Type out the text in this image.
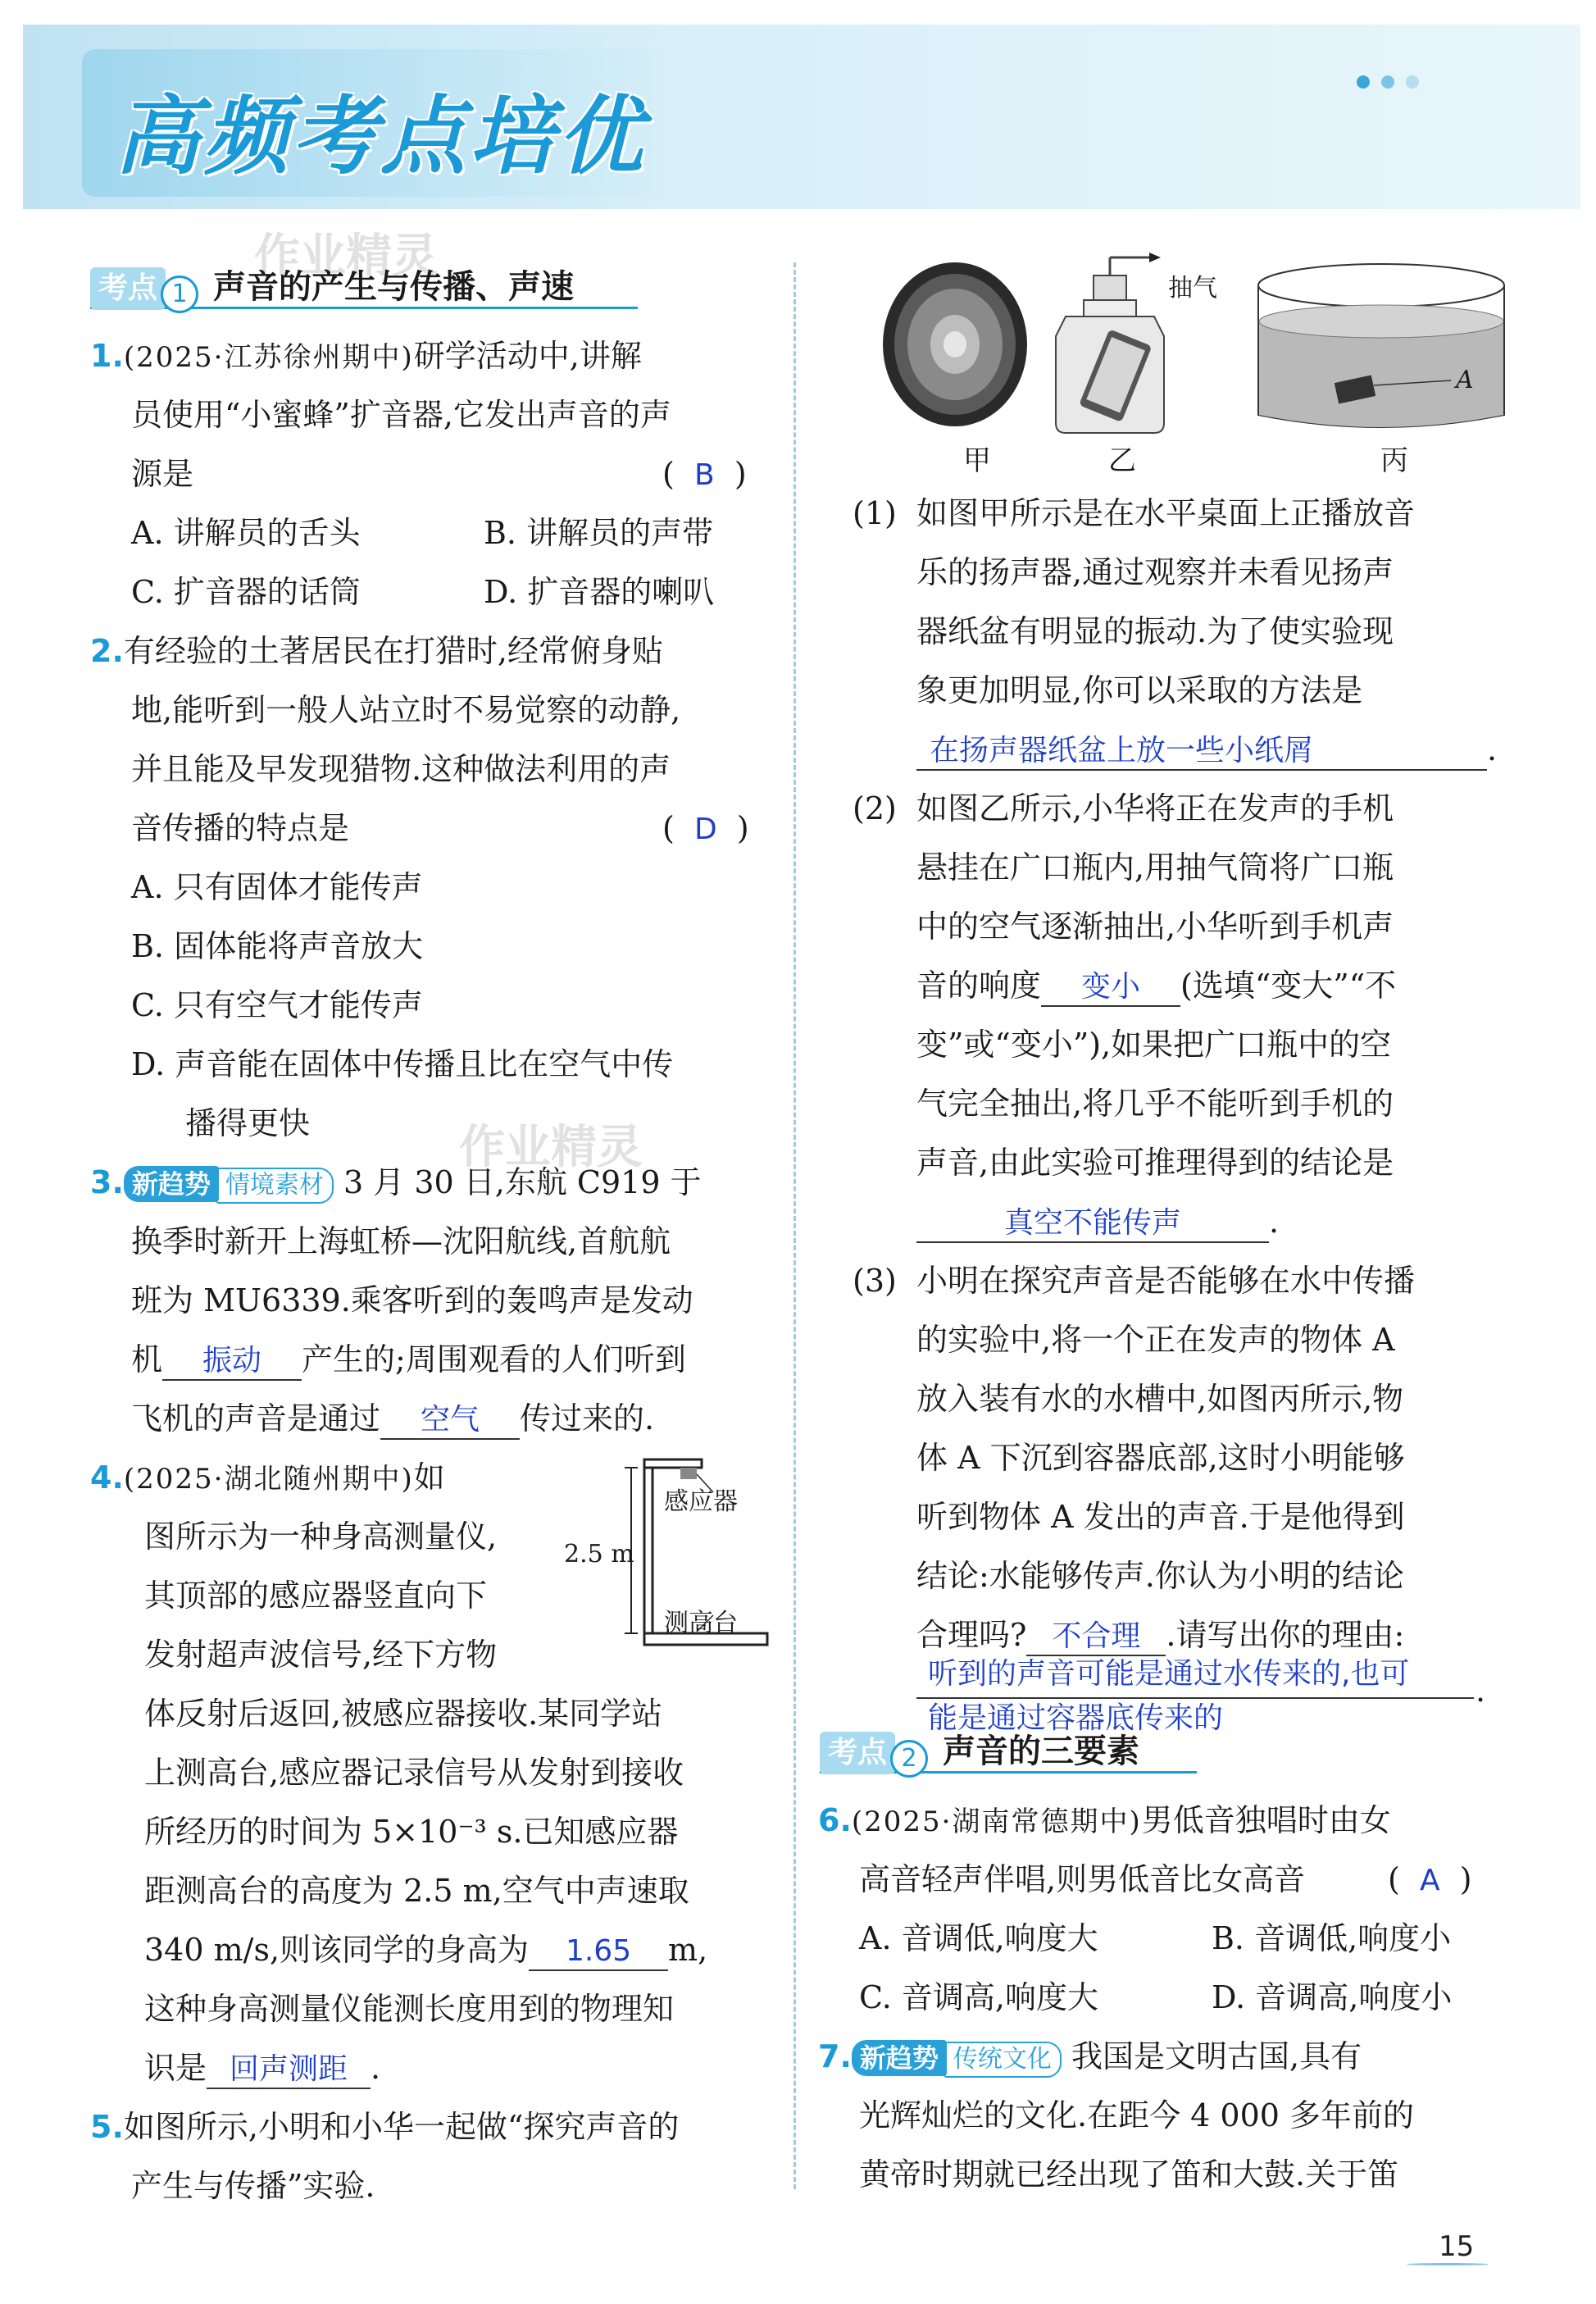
高频考点培优
作业精灵
作业精灵
考点 1 声音的产生与传播、声速
1.(2025·江苏徐州期中)研学活动中,讲解
员使用“小蜜蜂”扩音器,它发出声音的声
源是	(  B  )
A. 讲解员的舌头	B. 讲解员的声带
C. 扩音器的话筒	D. 扩音器的喇叭
2.有经验的土著居民在打猎时,经常俯身贴
地,能听到一般人站立时不易觉察的动静,
并且能及早发现猎物.这种做法利用的声
音传播的特点是	(  D  )
A. 只有固体才能传声
B. 固体能将声音放大
C. 只有空气才能传声
D. 声音能在固体中传播且比在空气中传
播得更快
3. 新趋势 情境素材 3 月 30 日,东航 C919 于
换季时新开上海虹桥—沈阳航线,首航航
班为 MU6339.乘客听到的轰鸣声是发动
机 振动 产生的;周围观看的人们听到
飞机的声音是通过 空气 传过来的.
4.(2025·湖北随州期中)如
图所示为一种身高测量仪,
其顶部的感应器竖直向下
发射超声波信号,经下方物
体反射后返回,被感应器接收.某同学站
上测高台,感应器记录信号从发射到接收
所经历的时间为 5×10⁻³ s.已知感应器
距测高台的高度为 2.5 m,空气中声速取
340 m/s,则该同学的身高为 1.65 m,
这种身高测量仪能测长度用到的物理知
识是 回声测距 .
感应器
2.5 m
测高台
5.如图所示,小明和小华一起做“探究声音的
产生与传播”实验.
甲	乙	丙
抽气
A
(1) 如图甲所示是在水平桌面上正播放音
乐的扬声器,通过观察并未看见扬声
器纸盆有明显的振动.为了使实验现
象更加明显,你可以采取的方法是
在扬声器纸盆上放一些小纸屑	.
(2) 如图乙所示,小华将正在发声的手机
悬挂在广口瓶内,用抽气筒将广口瓶
中的空气逐渐抽出,小华听到手机声
音的响度 变小 (选填“变大”“不
变”或“变小”),如果把广口瓶中的空
气完全抽出,将几乎不能听到手机的
声音,由此实验可推理得到的结论是
真空不能传声	.
(3) 小明在探究声音是否能够在水中传播
的实验中,将一个正在发声的物体 A
放入装有水的水槽中,如图丙所示,物
体 A 下沉到容器底部,这时小明能够
听到物体 A 发出的声音.于是他得到
结论:水能够传声.你认为小明的结论
合理吗? 不合理 .请写出你的理由:
听到的声音可能是通过水传来的,也可 .
能是通过容器底传来的
考点 2 声音的三要素
6.(2025·湖南常德期中)男低音独唱时由女
高音轻声伴唱,则男低音比女高音	(  A  )
A. 音调低,响度大	B. 音调低,响度小
C. 音调高,响度大	D. 音调高,响度小
7. 新趋势 传统文化 我国是文明古国,具有
光辉灿烂的文化.在距今 4 000 多年前的
黄帝时期就已经出现了笛和大鼓.关于笛
15
